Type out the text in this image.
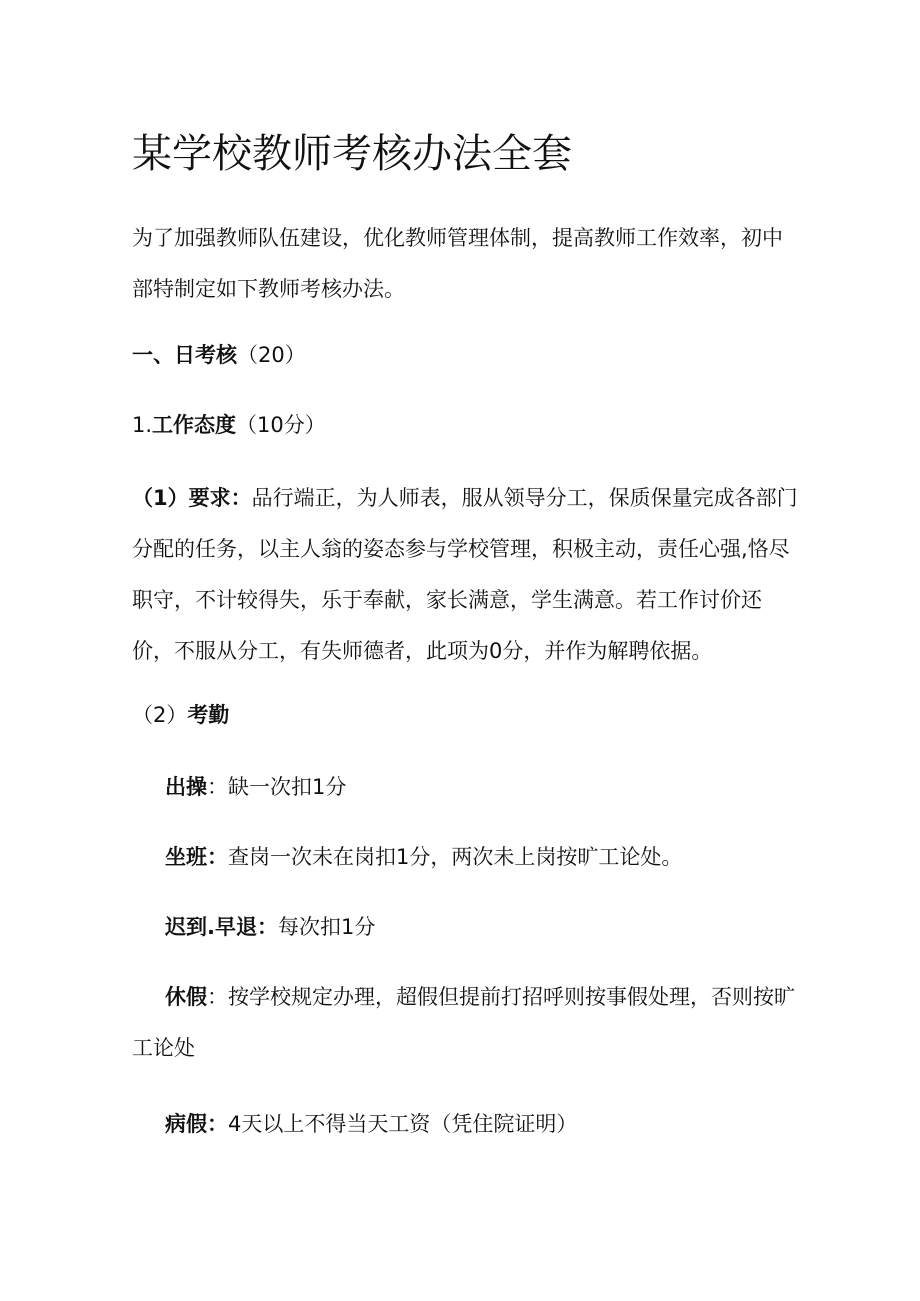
某学校教师考核办法全套
为了加强教师队伍建设，优化教师管理体制，提高教师工作效率，初中部特制定如下教师考核办法。
一、日考核（20）
1.工作态度（10分）
（1）要求：品行端正，为人师表，服从领导分工，保质保量完成各部门分配的任务，以主人翁的姿态参与学校管理，积极主动，责任心强,恪尽职守，不计较得失，乐于奉献，家长满意，学生满意。若工作讨价还价，不服从分工，有失师德者，此项为0分，并作为解聘依据。
（2）考勤
出操：缺一次扣1分
坐班：查岗一次未在岗扣1分，两次未上岗按旷工论处。
迟到.早退：每次扣1分
休假：按学校规定办理，超假但提前打招呼则按事假处理，否则按旷工论处
病假：4天以上不得当天工资（凭住院证明）
